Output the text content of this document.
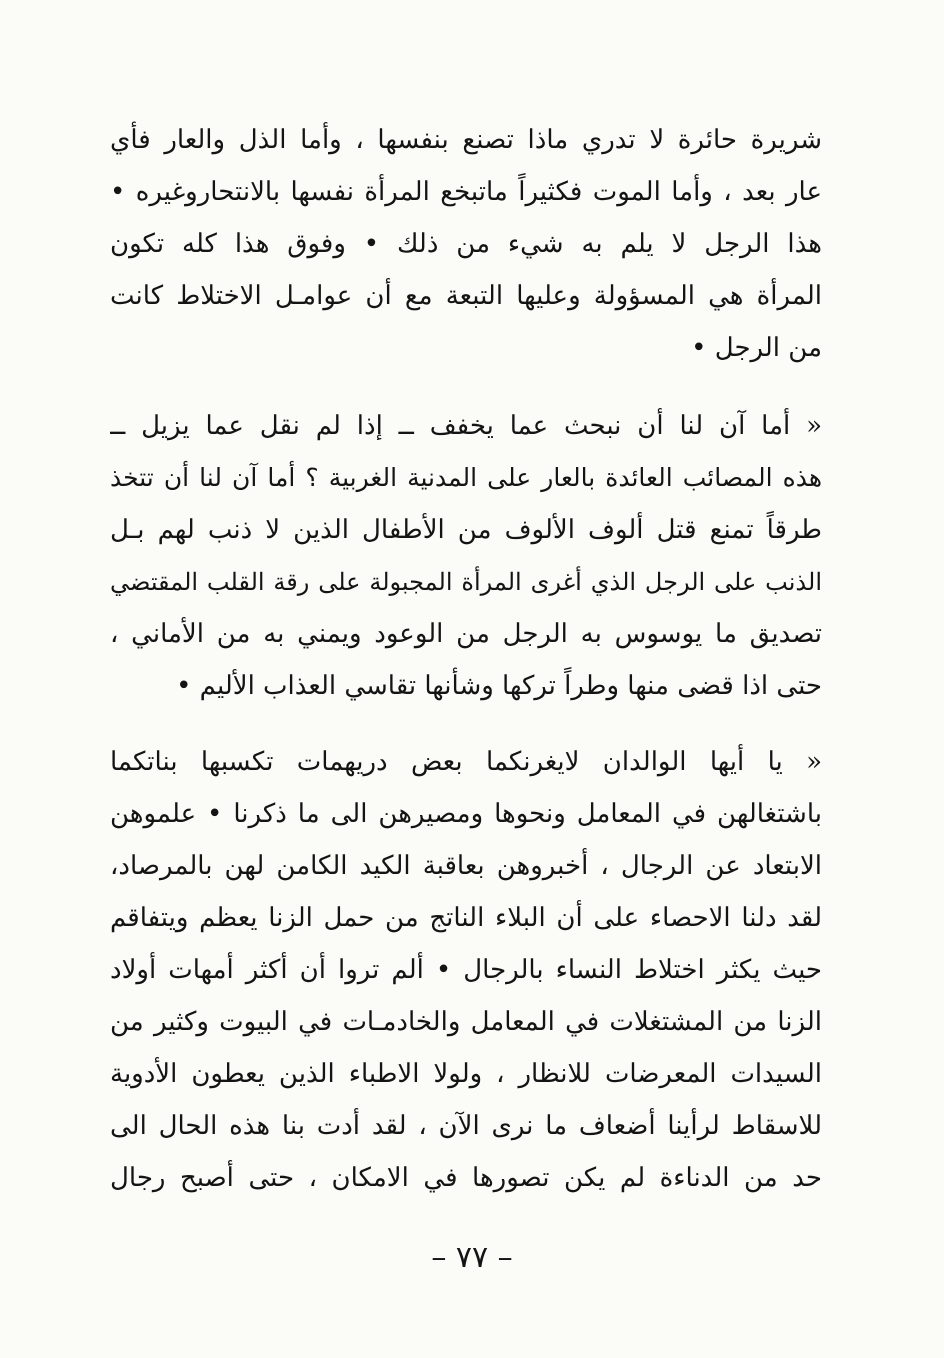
شريرة حائرة لا تدري ماذا تصنع بنفسها ، وأما الذل والعار فأي
عار بعد ، وأما الموت فكثيراً ماتبخع المرأة نفسها بالانتحاروغيره •
هذا الرجل لا يلم به شيء من ذلك • وفوق هذا كله تكون
المرأة هي المسؤولة وعليها التبعة مع أن عوامـل الاختلاط كانت
من الرجل •
« أما آن لنا أن نبحث عما يخفف ــ إذا لم نقل عما يزيل ــ
هذه المصائب العائدة بالعار على المدنية الغربية ؟ أما آن لنا أن تتخذ
طرقاً تمنع قتل ألوف الألوف من الأطفال الذين لا ذنب لهم بـل
الذنب على الرجل الذي أغرى المرأة المجبولة على رقة القلب المقتضي
تصديق ما يوسوس به الرجل من الوعود ويمني به من الأماني ،
حتى اذا قضى منها وطراً تركها وشأنها تقاسي العذاب الأليم •
« يا أيها الوالدان لايغرنكما بعض دريهمات تكسبها بناتكما
باشتغالهن في المعامل ونحوها ومصيرهن الى ما ذكرنا • علموهن
الابتعاد عن الرجال ، أخبروهن بعاقبة الكيد الكامن لهن بالمرصاد،
لقد دلنا الاحصاء على أن البلاء الناتج من حمل الزنا يعظم ويتفاقم
حيث يكثر اختلاط النساء بالرجال • ألم تروا أن أكثر أمهات أولاد
الزنا من المشتغلات في المعامل والخادمـات في البيوت وكثير من
السيدات المعرضات للانظار ، ولولا الاطباء الذين يعطون الأدوية
للاسقاط لرأينا أضعاف ما نرى الآن ، لقد أدت بنا هذه الحال الى
حد من الدناءة لم يكن تصورها في الامكان ، حتى أصبح رجال
– ٧٧ –
